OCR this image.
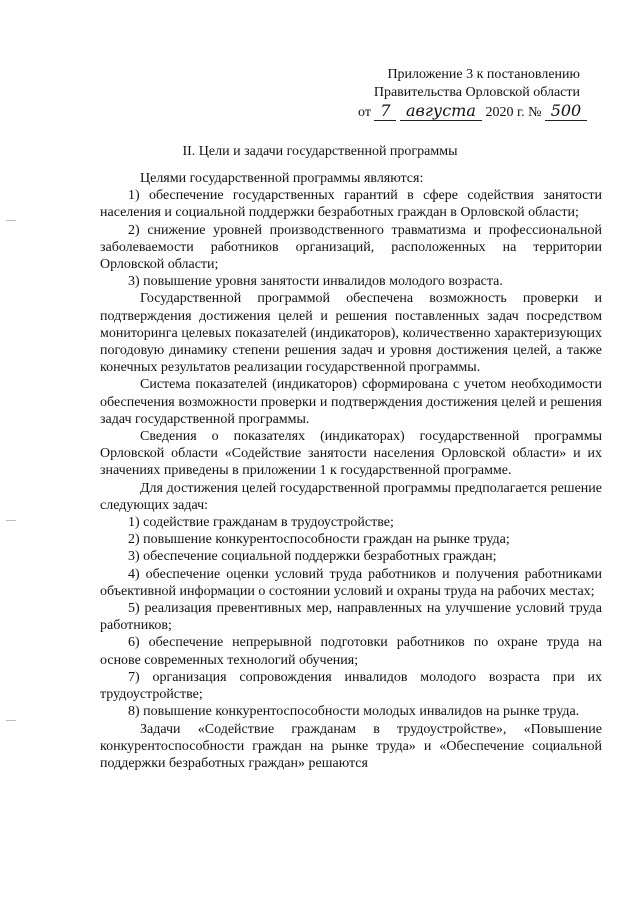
Приложение 3 к постановлению
Правительства Орловской области
от 7 августа 2020 г. № 500
II. Цели и задачи государственной программы

Целями государственной программы являются:

1) обеспечение государственных гарантий в сфере содействия занятости населения и социальной поддержки безработных граждан в Орловской области;

2) снижение уровней производственного травматизма и профессиональной заболеваемости работников организаций, расположенных на территории Орловской области;

3) повышение уровня занятости инвалидов молодого возраста.

Государственной программой обеспечена возможность проверки и подтверждения достижения целей и решения поставленных задач посредством мониторинга целевых показателей (индикаторов), количественно характеризующих погодовую динамику степени решения задач и уровня достижения целей, а также конечных результатов реализации государственной программы.

Система показателей (индикаторов) сформирована с учетом необходимости обеспечения возможности проверки и подтверждения достижения целей и решения задач государственной программы.

Сведения о показателях (индикаторах) государственной программы Орловской области «Содействие занятости населения Орловской области» и их значениях приведены в приложении 1 к государственной программе.

Для достижения целей государственной программы предполагается решение следующих задач:

1) содействие гражданам в трудоустройстве;

2) повышение конкурентоспособности граждан на рынке труда;

3) обеспечение социальной поддержки безработных граждан;

4) обеспечение оценки условий труда работников и получения работниками объективной информации о состоянии условий и охраны труда на рабочих местах;

5) реализация превентивных мер, направленных на улучшение условий труда работников;

6) обеспечение непрерывной подготовки работников по охране труда на основе современных технологий обучения;

7) организация сопровождения инвалидов молодого возраста при их трудоустройстве;

8) повышение конкурентоспособности молодых инвалидов на рынке труда.

Задачи «Содействие гражданам в трудоустройстве», «Повышение конкурентоспособности граждан на рынке труда» и «Обеспечение социальной поддержки безработных граждан» решаются
